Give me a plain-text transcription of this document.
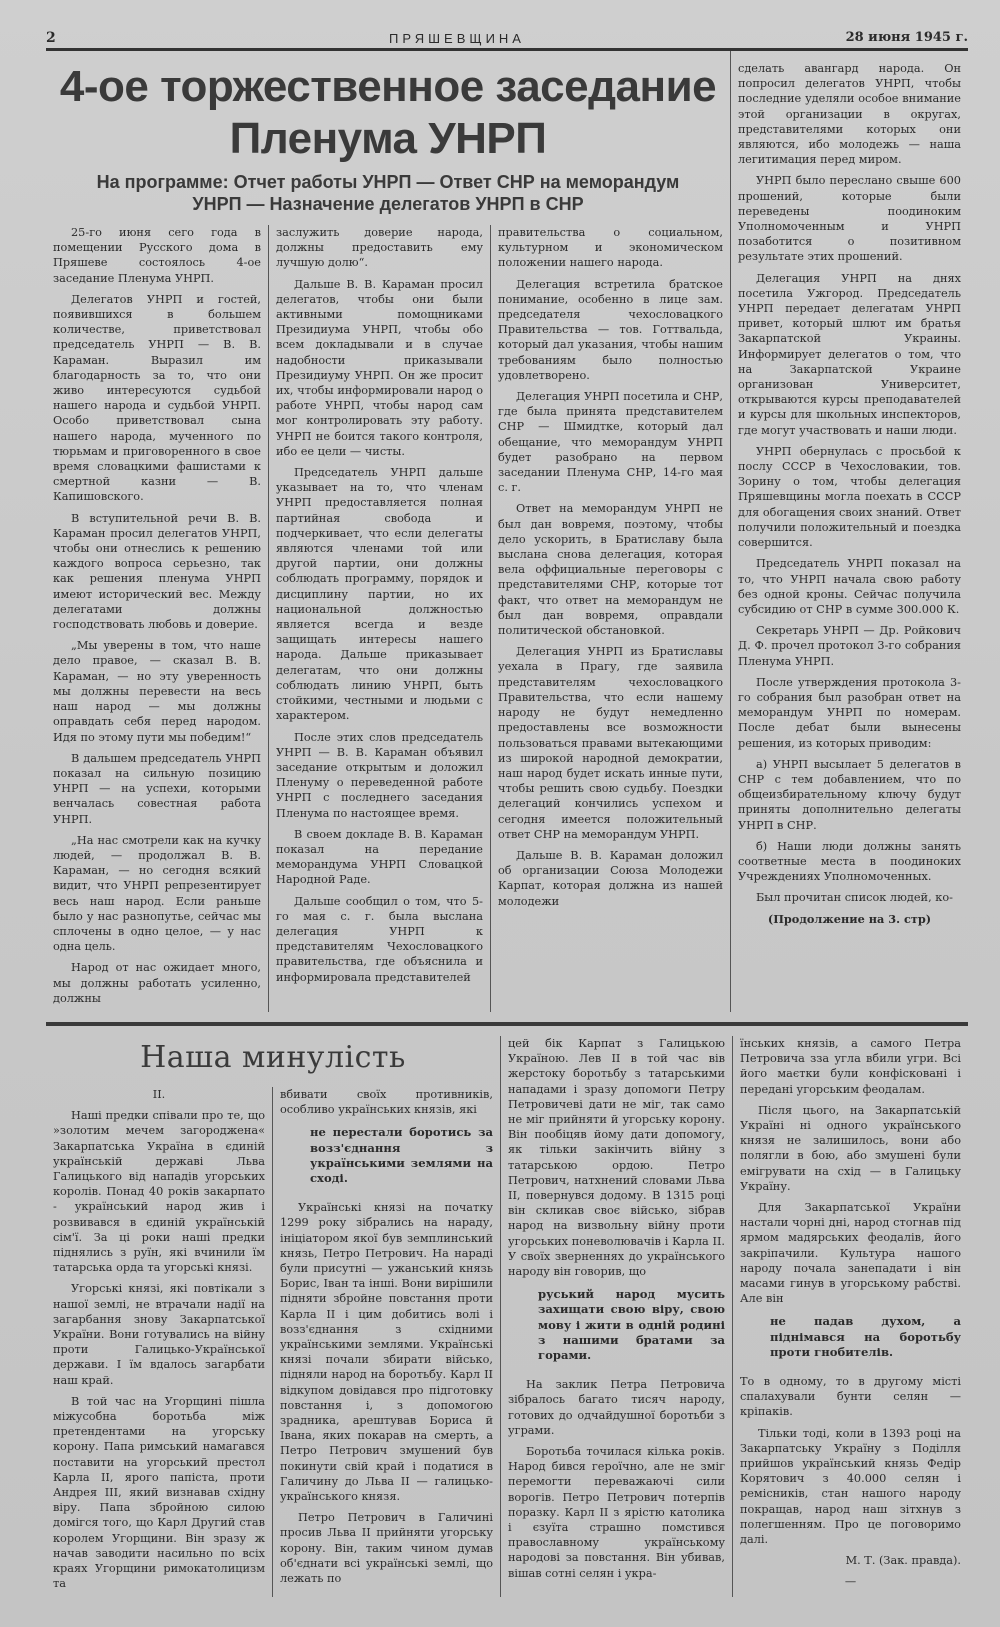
2	ПРЯШЕВЩИНА	28 июня 1945 г.
4-ое торжественное заседание
Пленума УНРП
На программе: Отчет работы УНРП — Ответ СНР на меморандум
УНРП — Назначение делегатов УНРП в СНР

25-го июня сего года в помещении Русского дома в Пряшеве состоялось 4-ое заседание Пленума УНРП.

Делегатов УНРП и гостей, появившихся в большем количестве, приветствовал председатель УНРП — В. В. Караман. Выразил им благодарность за то, что они живо интересуются судьбой нашего народа и судьбой УНРП. Особо приветствовал сына нашего народа, мученного по тюрьмам и приговоренного в свое время словацкими фашистами к смертной казни — В. Капишовского.

В вступительной речи В. В. Караман просил делегатов УНРП, чтобы они отнеслись к решению каждого вопроса серьезно, так как решения пленума УНРП имеют исторический вес. Между делегатами должны господствовать любовь и доверие.

„Мы уверены в том, что наше дело правое, — сказал В. В. Караман, — но эту уверенность мы должны перевести на весь наш народ — мы должны оправдать себя перед народом. Идя по этому пути мы победим!“

В дальшем председатель УНРП показал на сильную позицию УНРП — на успехи, которыми венчалась совестная работа УНРП.

„На нас смотрели как на кучку людей, — продолжал В. В. Караман, — но сегодня всякий видит, что УНРП репрезентирует весь наш народ. Если раньше было у нас разнопутье, сейчас мы сплочены в одно целое, — у нас одна цель.

Народ от нас ожидает много, мы должны работать усиленно, должны

заслужить доверие народа, должны предоставить ему лучшую долю“.

Дальше В. В. Караман просил делегатов, чтобы они были активными помощниками Президиума УНРП, чтобы обо всем докладывали и в случае надобности приказывали Президиуму УНРП. Он же просит их, чтобы информировали народ о работе УНРП, чтобы народ сам мог контролировать эту работу. УНРП не боится такого контроля, ибо ее цели — чисты.

Председатель УНРП дальше указывает на то, что членам УНРП предоставляется полная партийная свобода и подчеркивает, что если делегаты являются членами той или другой партии, они должны соблюдать программу, порядок и дисциплину партии, но их национальной должностью является всегда и везде защищать интересы нашего народа. Дальше приказывает делегатам, что они должны соблюдать линию УНРП, быть стойкими, честными и людьми с характером.

После этих слов председатель УНРП — В. В. Караман объявил заседание открытым и доложил Пленуму о переведенной работе УНРП с последнего заседания Пленума по настоящее время.

В своем докладе В. В. Караман показал на передание меморандума УНРП Словацкой Народной Раде.

Дальше сообщил о том, что 5-го мая с. г. была выслана делегация УНРП к представителям Чехословацкого правительства, где объяснила и информировала представителей

правительства о социальном, культурном и экономическом положении нашего народа.

Делегация встретила братское понимание, особенно в лице зам. председателя чехословацкого Правительства — тов. Готтвальда, который дал указания, чтобы нашим требованиям было полностью удовлетворено.

Делегация УНРП посетила и СНР, где была принята представителем СНР — Шмидтке, который дал обещание, что меморандум УНРП будет разобрано на первом заседании Пленума СНР, 14-го мая с. г.

Ответ на меморандум УНРП не был дан вовремя, поэтому, чтобы дело ускорить, в Братиславу была выслана снова делегация, которая вела оффициальные переговоры с представителями СНР, которые тот факт, что ответ на меморандум не был дан вовремя, оправдали политической обстановкой.

Делегация УНРП из Братиславы уехала в Прагу, где заявила представителям чехословацкого Правительства, что если нашему народу не будут немедленно предоставлены все возможности пользоваться правами вытекающими из широкой народной демократии, наш народ будет искать инные пути, чтобы решить свою судьбу. Поездки делегаций кончились успехом и сегодня имеется положительный ответ СНР на меморандум УНРП.

Дальше В. В. Караман доложил об организации Союза Молодежи Карпат, которая должна из нашей молодежи

сделать авангард народа. Он попросил делегатов УНРП, чтобы последние уделяли особое внимание этой организации в округах, представителями которых они являются, ибо молодежь — наша легитимация перед миром.

УНРП было переслано свыше 600 прошений, которые были переведены поодиноким Уполномоченным и УНРП позаботится о позитивном результате этих прошений.

Делегация УНРП на днях посетила Ужгород. Председатель УНРП передает делегатам УНРП привет, который шлют им братья Закарпатской Украины. Информирует делегатов о том, что на Закарпатской Украине организован Университет, открываются курсы преподавателей и курсы для школьных инспекторов, где могут участвовать и наши люди.

УНРП обернулась с просьбой к послу СССР в Чехословакии, тов. Зорину о том, чтобы делегация Пряшевщины могла поехать в СССР для обогащения своих знаний. Ответ получили положительный и поездка совершится.

Председатель УНРП показал на то, что УНРП начала свою работу без одной кроны. Сейчас получила субсидию от СНР в сумме 300.000 К.

Секретарь УНРП — Др. Ройкович Д. Ф. прочел протокол 3-го собрания Пленума УНРП.

После утверждения протокола 3-го собрания был разобран ответ на меморандум УНРП по номерам. После дебат были вынесены решения, из которых приводим:

а) УНРП высылает 5 делегатов в СНР с тем добавлением, что по общеизбирательному ключу будут приняты дополнительно делегаты УНРП в СНР.

б) Наши люди должны занять соответные места в поодиноких Учреждениях Уполномоченных.

Был прочитан список людей, ко-

(Продолжение на 3. стр)

Наша минулість

II.

Наші предки співали про те, що »золотим мечем загороджена« Закарпатська Україна в єдиній українській державі Льва Галицького від нападів угорських королів. Понад 40 років закарпато - український народ жив і розвивався в єдиній українській сім'ї. За ці роки наші предки піднялись з руїн, які вчинили їм татарська орда та угорські князі.

Угорські князі, які повтікали з нашої землі, не втрачали надії на загарбання знову Закарпатської України. Вони готувались на війну проти Галицько-Української держави. І їм вдалось загарбати наш край.

В той час на Угорщині пішла міжусобна боротьба між претендентами на угорську корону. Папа римський намагався поставити на угорський престол Карла II, ярого папіста, проти Андрея III, який визнавав східну віру. Папа збройною силою домігся того, що Карл Другий став королем Угорщини. Він зразу ж начав заводити насильно по всіх краях Угорщини римокатолицизм та

вбивати своїх противників, особливо українських князів, які

не перестали боротись за возз'єднання з українськими землями на сході.

Українські князі на початку 1299 року зібрались на нараду, ініціатором якої був земплинський князь, Петро Петрович. На нараді були присутні — ужанський князь Борис, Іван та інші. Вони вирішили підняти збройне повстання проти Карла II і цим добитись волі і возз'єднання з східними українськими землями. Українські князі почали збирати військо, підняли народ на боротьбу. Карл II відкупом довідався про підготовку повстання і, з допомогою зрадника, арештував Бориса й Івана, яких покарав на смерть, а Петро Петрович змушений був покинути свій край і податися в Галичину до Льва II — галицько-українського князя.

Петро Петрович в Галичині просив Льва II прийняти угорську корону. Він, таким чином думав об'єднати всі українські землі, що лежать по

цей бік Карпат з Галицькою Україною. Лев II в той час вів жерстоку боротьбу з татарськими нападами і зразу допомоги Петру Петровичеві дати не міг, так само не міг прийняти й угорську корону. Він пообіцяв йому дати допомогу, як тільки закінчить війну з татарською ордою. Петро Петрович, натхнений словами Льва II, повернувся додому. В 1315 році він скликав своє військо, зібрав народ на визвольну війну проти угорських поневолювачів і Карла II. У своїх зверненнях до українського народу він говорив, що

руський народ мусить захищати свою віру, свою мову і жити в одній родині з нашими братами за горами.

На заклик Петра Петровича зібралось багато тисяч народу, готових до одчайдушної боротьби з уграми.

Боротьба точилася кілька років. Народ бився героїчно, але не зміг перемогти переважаючі сили ворогів. Петро Петрович потерпів поразку. Карл II з ярістю католика і єзуїта страшно помстився православному українському народові за повстання. Він убивав, вішав сотні селян і укра-

їнських князів, а самого Петра Петровича зза угла вбили угри. Всі його маєтки були конфісковані і передані угорським феодалам.

Після цього, на Закарпатській Україні ні одного українського князя не залишилось, вони або полягли в бою, або змушені були емігрувати на схід — в Галицьку Україну.

Для Закарпатської України настали чорні дні, народ стогнав під ярмом мадярських феодалів, його закріпачили. Культура нашого народу почала занепадати і він масами гинув в угорському рабстві. Але він

не падав духом, а піднімався на боротьбу проти гнобителів.

То в одному, то в другому місті спалахували бунти селян — кріпаків.

Тільки тоді, коли в 1393 році на Закарпатську Україну з Поділля прийшов український князь Федір Корятович з 40.000 селян і ремісників, стан нашого народу покращав, народ наш зітхнув з полегшенням. Про це поговоримо далі.

М. Т. (Зак. правда).

—
